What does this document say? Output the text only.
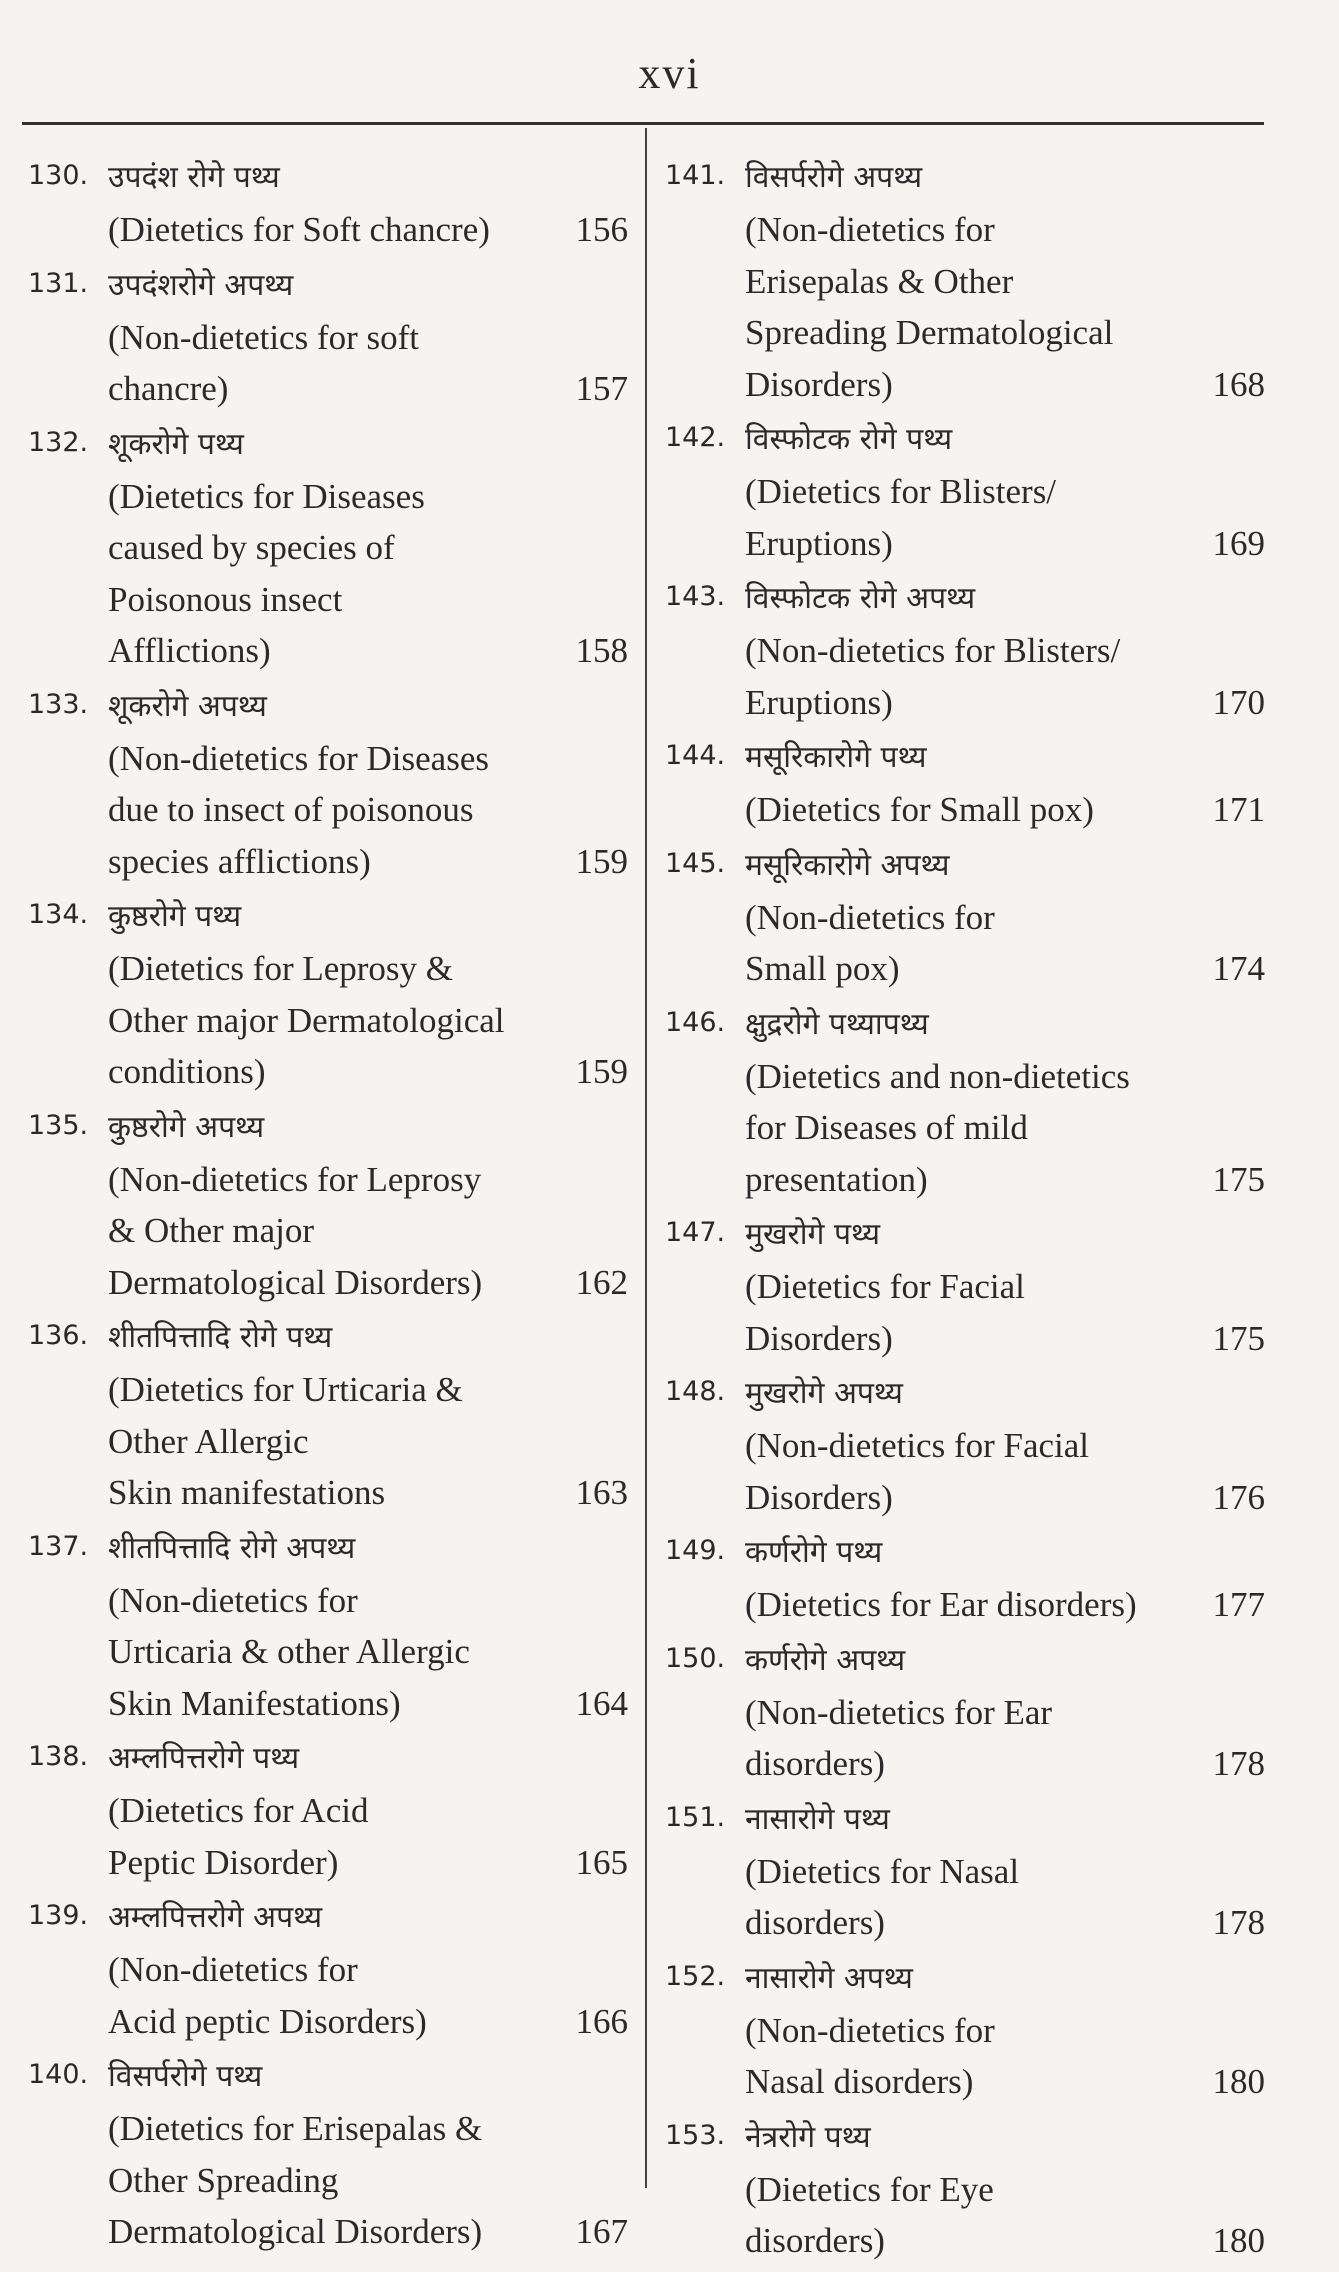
xvi
130. उपदंश रोगे पथ्य
(Dietetics for Soft chancre)	156
131. उपदंशरोगे अपथ्य
(Non-dietetics for soft
chancre)	157
132. शूकरोगे पथ्य
(Dietetics for Diseases
caused by species of
Poisonous insect
Afflictions)	158
133. शूकरोगे अपथ्य
(Non-dietetics for Diseases
due to insect of poisonous
species afflictions)	159
134. कुष्ठरोगे पथ्य
(Dietetics for Leprosy &
Other major Dermatological
conditions)	159
135. कुष्ठरोगे अपथ्य
(Non-dietetics for Leprosy
& Other major
Dermatological Disorders)	162
136. शीतपित्तादि रोगे पथ्य
(Dietetics for Urticaria &
Other Allergic
Skin manifestations	163
137. शीतपित्तादि रोगे अपथ्य
(Non-dietetics for
Urticaria & other Allergic
Skin Manifestations)	164
138. अम्लपित्तरोगे पथ्य
(Dietetics for Acid
Peptic Disorder)	165
139. अम्लपित्तरोगे अपथ्य
(Non-dietetics for
Acid peptic Disorders)	166
140. विसर्परोगे पथ्य
(Dietetics for Erisepalas &
Other Spreading
Dermatological Disorders)	167
141. विसर्परोगे अपथ्य
(Non-dietetics for
Erisepalas & Other
Spreading Dermatological
Disorders)	168
142. विस्फोटक रोगे पथ्य
(Dietetics for Blisters/
Eruptions)	169
143. विस्फोटक रोगे अपथ्य
(Non-dietetics for Blisters/
Eruptions)	170
144. मसूरिकारोगे पथ्य
(Dietetics for Small pox)	171
145. मसूरिकारोगे अपथ्य
(Non-dietetics for
Small pox)	174
146. क्षुद्ररोगे पथ्यापथ्य
(Dietetics and non-dietetics
for Diseases of mild
presentation)	175
147. मुखरोगे पथ्य
(Dietetics for Facial
Disorders)	175
148. मुखरोगे अपथ्य
(Non-dietetics for Facial
Disorders)	176
149. कर्णरोगे पथ्य
(Dietetics for Ear disorders)	177
150. कर्णरोगे अपथ्य
(Non-dietetics for Ear
disorders)	178
151. नासारोगे पथ्य
(Dietetics for Nasal
disorders)	178
152. नासारोगे अपथ्य
(Non-dietetics for
Nasal disorders)	180
153. नेत्ररोगे पथ्य
(Dietetics for Eye
disorders)	180
